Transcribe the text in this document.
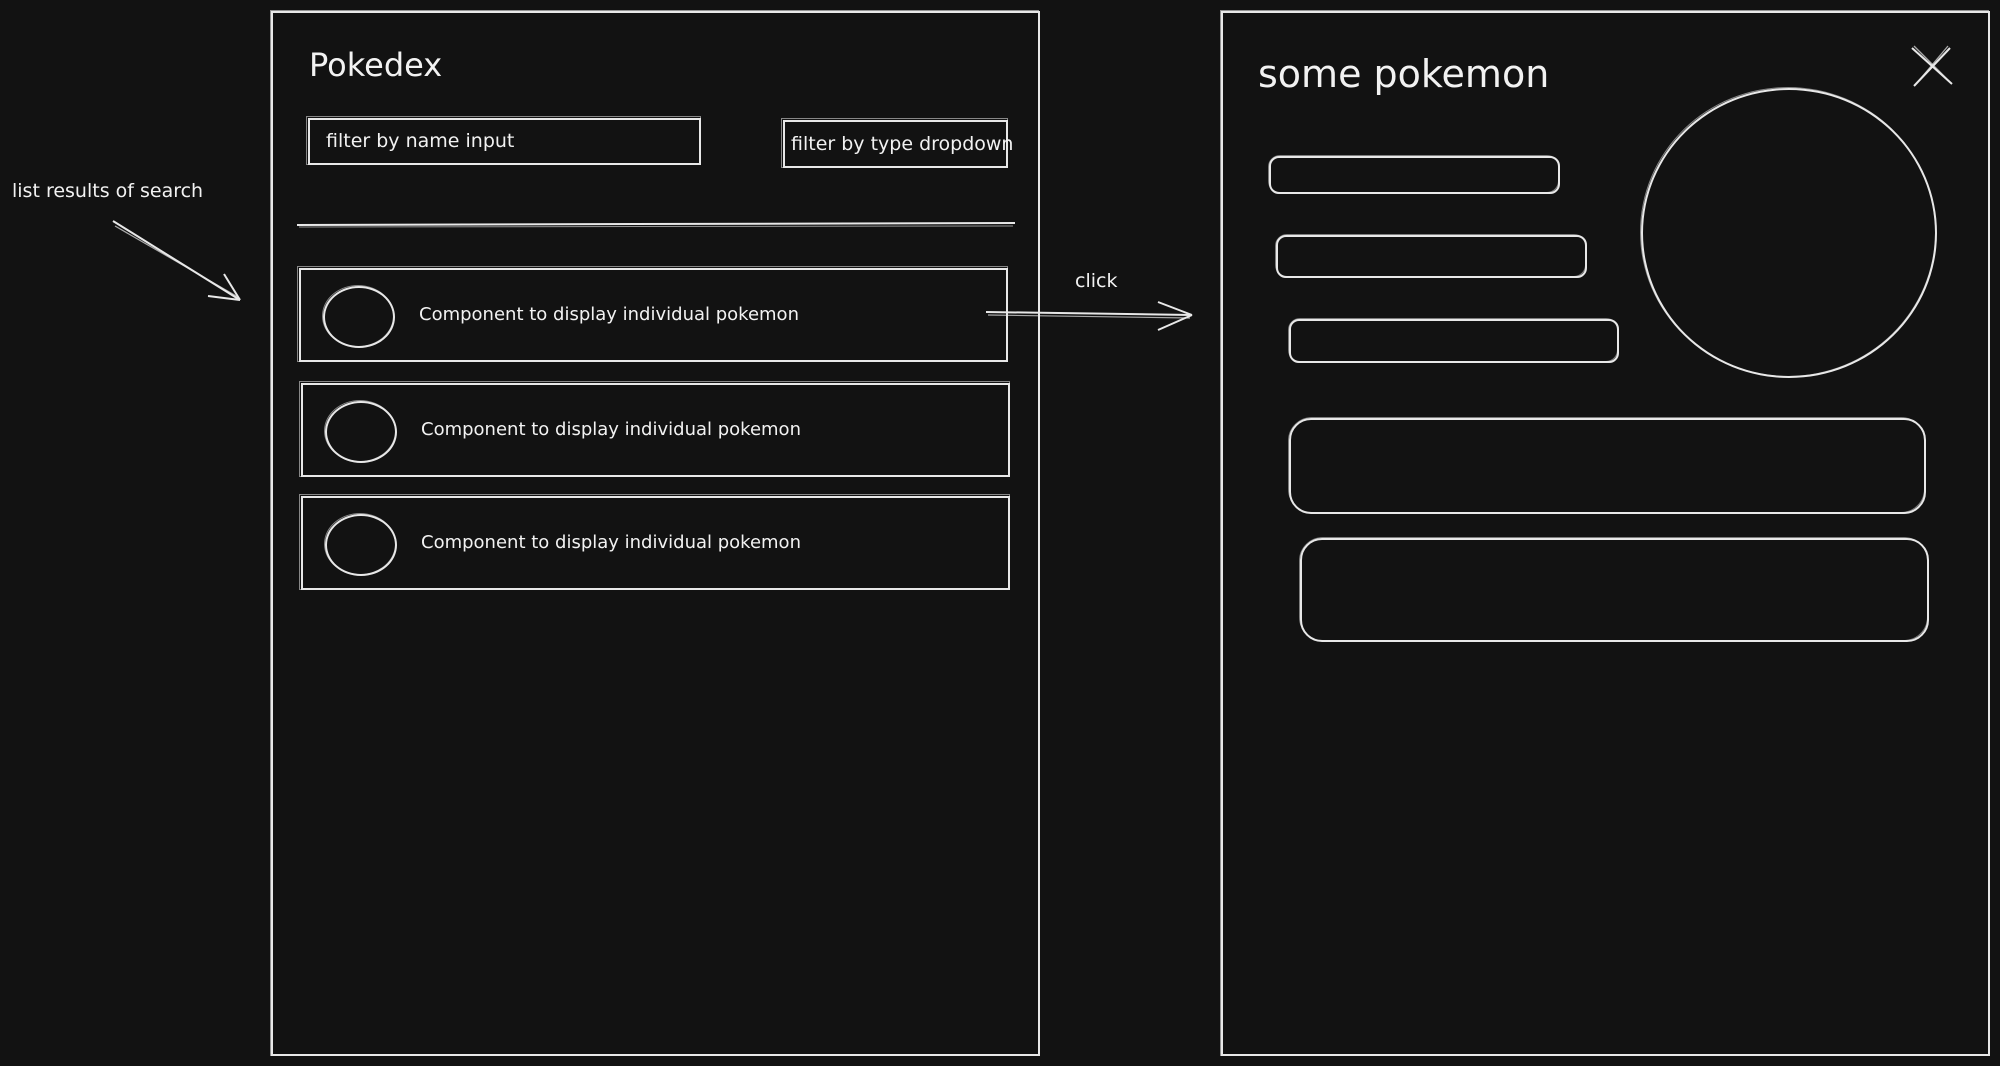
list results of search
click
Pokedex
filter by name input	filter by type dropdown
Component to display individual pokemon
Component to display individual pokemon
Component to display individual pokemon
some pokemon
